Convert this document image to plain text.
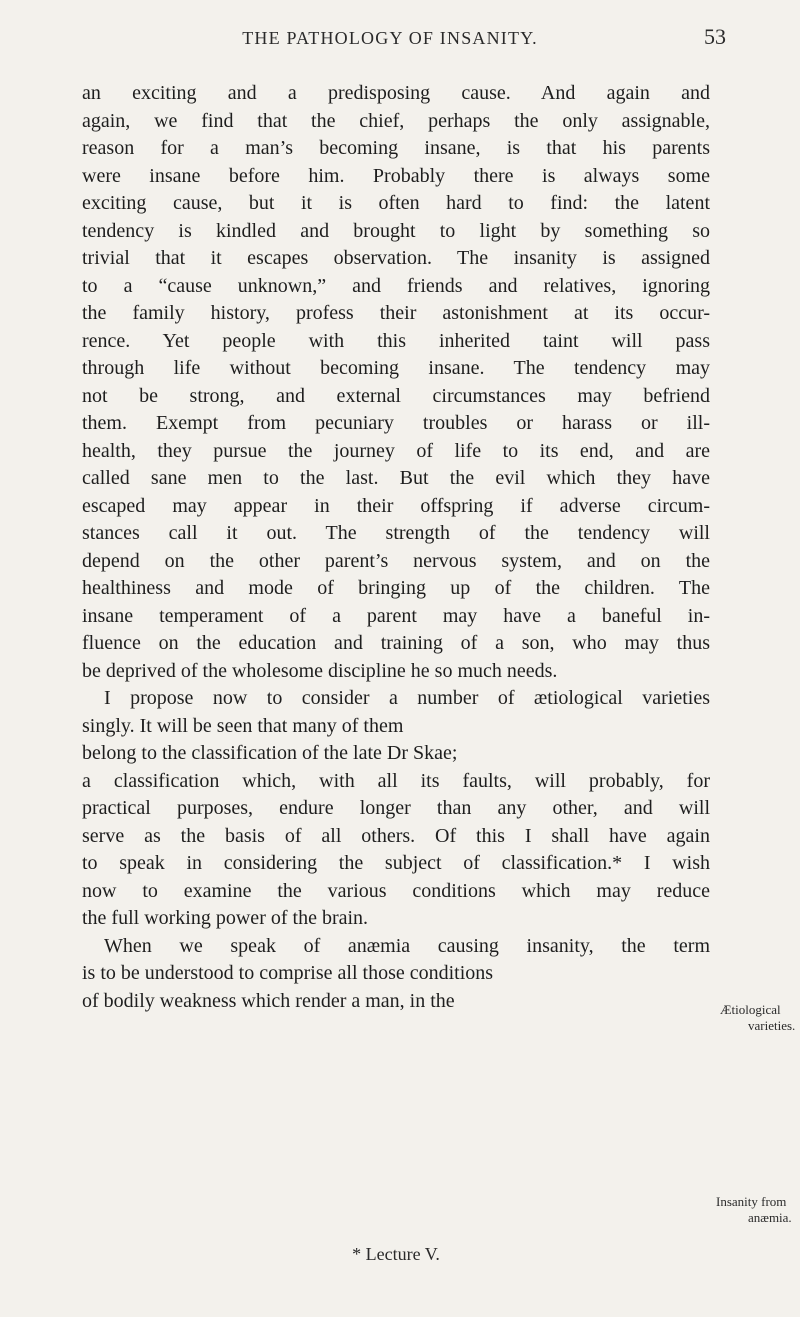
THE PATHOLOGY OF INSANITY.	53
an exciting and a predisposing cause. And again and
again, we find that the chief, perhaps the only assignable,
reason for a man’s becoming insane, is that his parents
were insane before him. Probably there is always some
exciting cause, but it is often hard to find: the latent
tendency is kindled and brought to light by something so
trivial that it escapes observation. The insanity is assigned
to a “cause unknown,” and friends and relatives, ignoring
the family history, profess their astonishment at its occur-
rence. Yet people with this inherited taint will pass
through life without becoming insane. The tendency may
not be strong, and external circumstances may befriend
them. Exempt from pecuniary troubles or harass or ill-
health, they pursue the journey of life to its end, and are
called sane men to the last. But the evil which they have
escaped may appear in their offspring if adverse circum-
stances call it out. The strength of the tendency will
depend on the other parent’s nervous system, and on the
healthiness and mode of bringing up of the children. The
insane temperament of a parent may have a baneful in-
fluence on the education and training of a son, who may thus
be deprived of the wholesome discipline he so much needs.
I propose now to consider a number of ætiological varieties
singly. It will be seen that many of them
belong to the classification of the late Dr Skae;
a classification which, with all its faults, will probably, for
practical purposes, endure longer than any other, and will
serve as the basis of all others. Of this I shall have again
to speak in considering the subject of classification.* I wish
now to examine the various conditions which may reduce
the full working power of the brain.
When we speak of anæmia causing insanity, the term
is to be understood to comprise all those conditions
of bodily weakness which render a man, in the	Ætiological
varieties.
Insanity from
anæmia.
* Lecture V.
